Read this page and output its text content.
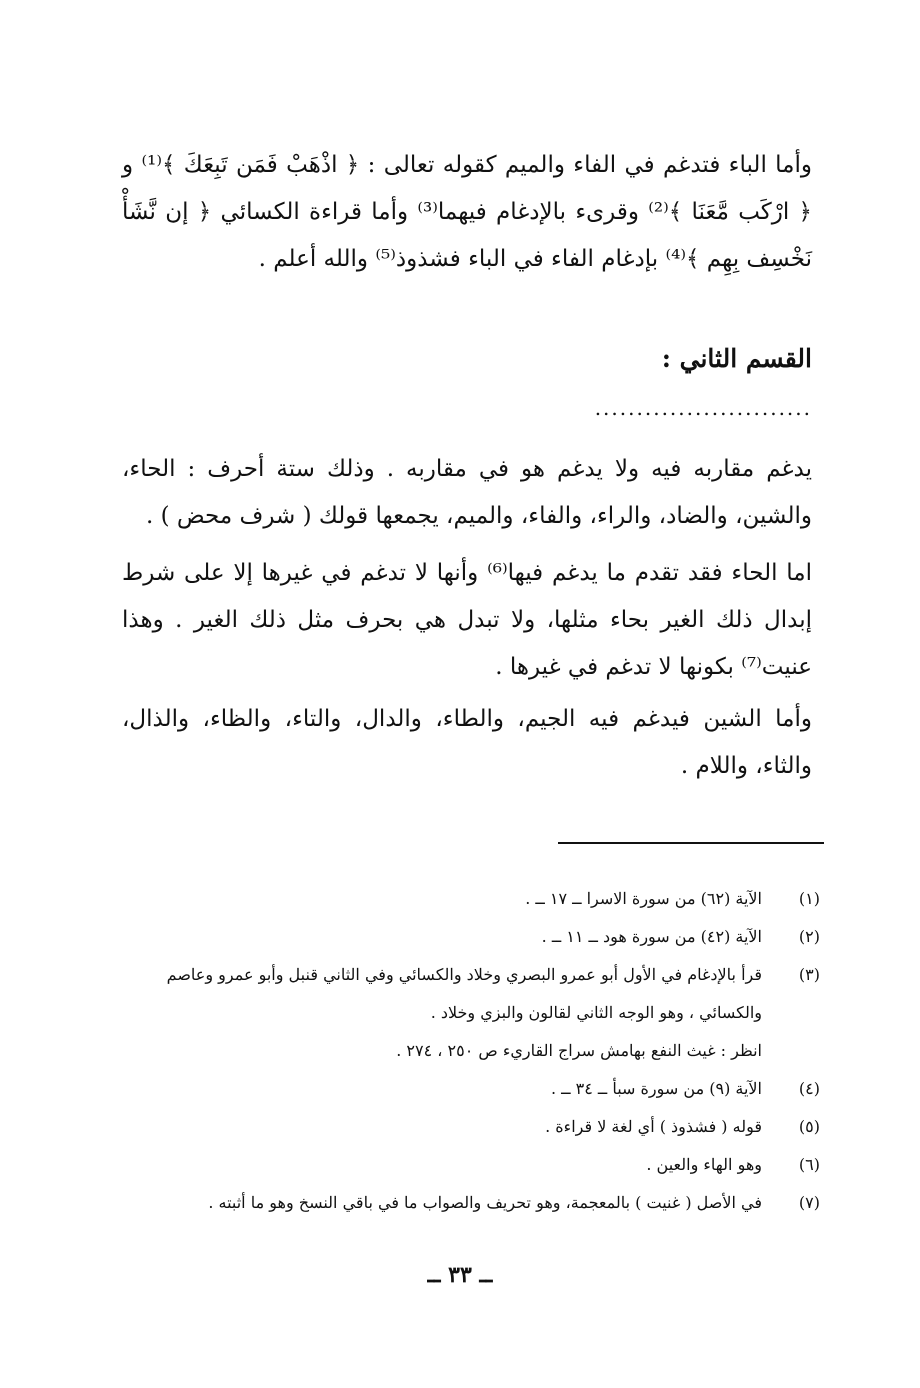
وأما الباء فتدغم في الفاء والميم كقوله تعالى : ﴿ اذْهَبْ فَمَن تَبِعَكَ ﴾⁽¹⁾ و ﴿ ارْكَب مَّعَنَا ﴾⁽²⁾ وقرىء بالإدغام فيهما⁽³⁾ وأما قراءة الكسائي ﴿ إن نَّشَأْ نَخْسِف بِهِم ﴾⁽⁴⁾ بإدغام الفاء في الباء فشذوذ⁽⁵⁾ والله أعلم .

القسم الثاني :

..........................

يدغم مقاربه فيه ولا يدغم هو في مقاربه . وذلك ستة أحرف : الحاء، والشين، والضاد، والراء، والفاء، والميم، يجمعها قولك ( شرف محض ) .

اما الحاء فقد تقدم ما يدغم فيها⁽⁶⁾ وأنها لا تدغم في غيرها إلا على شرط إبدال ذلك الغير بحاء مثلها، ولا تبدل هي بحرف مثل ذلك الغير . وهذا عنيت⁽⁷⁾ بكونها لا تدغم في غيرها .

وأما الشين فيدغم فيه الجيم، والطاء، والدال، والتاء، والظاء، والذال، والثاء، واللام .

(١)
الآية (٦٢) من سورة الاسرا ــ ١٧ ــ .
(٢)
الآية (٤٢) من سورة هود ــ ١١ ــ .
(٣)
قرأ بالإدغام في الأول أبو عمرو البصري وخلاد والكسائي وفي الثاني قنبل وأبو عمرو وعاصم

والكسائي ، وهو الوجه الثاني لقالون والبزي وخلاد .

انظر : غيث النفع بهامش سراج القاريء ص ٢٥٠ ، ٢٧٤ .

(٤)
الآية (٩) من سورة سبأ ــ ٣٤ ــ .
(٥)
قوله ( فشذوذ ) أي لغة لا قراءة .
(٦)
وهو الهاء والعين .
(٧)
في الأصل ( غنيت ) بالمعجمة، وهو تحريف والصواب ما في باقي النسخ وهو ما أثبته .
ــ ٣٣ ــ
